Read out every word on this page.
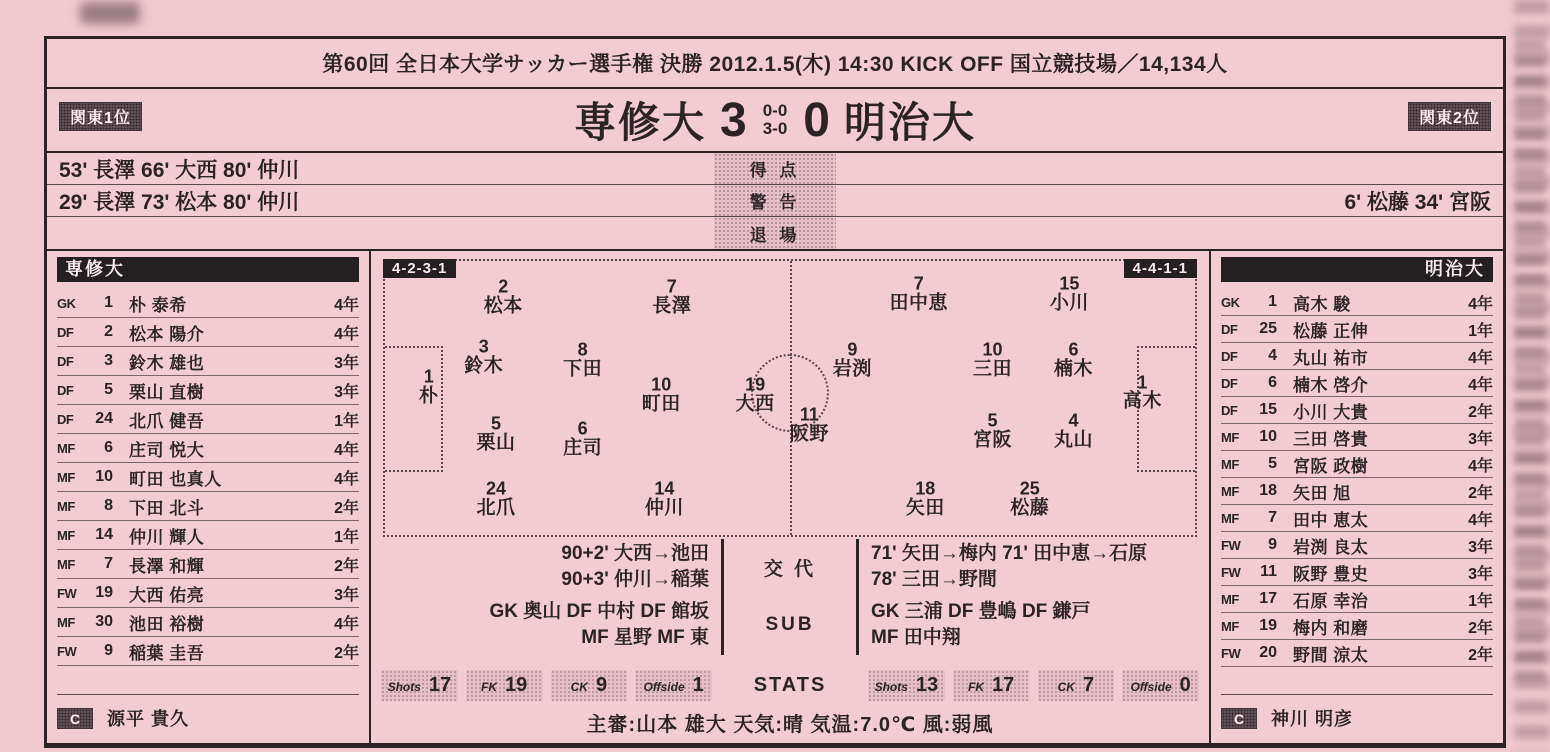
第60回 全日本大学サッカー選手権 決勝 2012.1.5(木) 14:30 KICK OFF 国立競技場／14,134人
関東1位	専修大 3 0-0
3-0 0 明治大	関東2位
53' 長澤 66' 大西 80' 仲川	得 点
29' 長澤 73' 松本 80' 仲川	警 告	6' 松藤 34' 宮阪
退 場
専修大
GK	1 朴 泰希	4年
DF	2 松本 陽介	4年
DF	3 鈴木 雄也	3年
DF	5 栗山 直樹	3年
DF	24 北爪 健吾	1年
MF	6 庄司 悦大	4年
MF	10 町田 也真人	4年
MF	8 下田 北斗	2年
MF	14 仲川 輝人	1年
MF	7 長澤 和輝	2年
FW	19 大西 佑亮	3年
MF	30 池田 裕樹	4年
FW	9 稲葉 圭吾	2年
C	源平 貴久
4-2-3-1	4-4-1-1
2
松本
7
長澤
3
鈴木
8
下田
1
朴
10
町田
19
大西
5
栗山
6
庄司
24
北爪
14
仲川
7
田中恵
15
小川
9
岩渕
10
三田
6
楠木
1
高木
11
阪野
5
宮阪
4
丸山
18
矢田
25
松藤
90+2' 大西→池田
90+3' 仲川→稲葉	交 代
71' 矢田→梅内 71' 田中恵→石原
78' 三田→野間
GK 奥山 DF 中村 DF 館坂
MF 星野 MF 東
SUB
GK 三浦 DF 豊嶋 DF 鎌戸
MF 田中翔
Shots 17 FK 19	CK 9	Offside 1	STATS	Shots 13 FK 17	CK 7	Offside 0
主審:山本 雄大 天気:晴 気温:7.0℃ 風:弱風
明治大
GK	1 高木 駿	4年
DF	25 松藤 正伸	1年
DF	4 丸山 祐市	4年
DF	6 楠木 啓介	4年
DF	15 小川 大貴	2年
MF	10 三田 啓貴	3年
MF	5 宮阪 政樹	4年
MF	18 矢田 旭	2年
MF	7 田中 恵太	4年
FW	9 岩渕 良太	3年
FW	11 阪野 豊史	3年
MF	17 石原 幸治	1年
MF	19 梅内 和磨	2年
FW	20 野間 涼太	2年
C	神川 明彦
